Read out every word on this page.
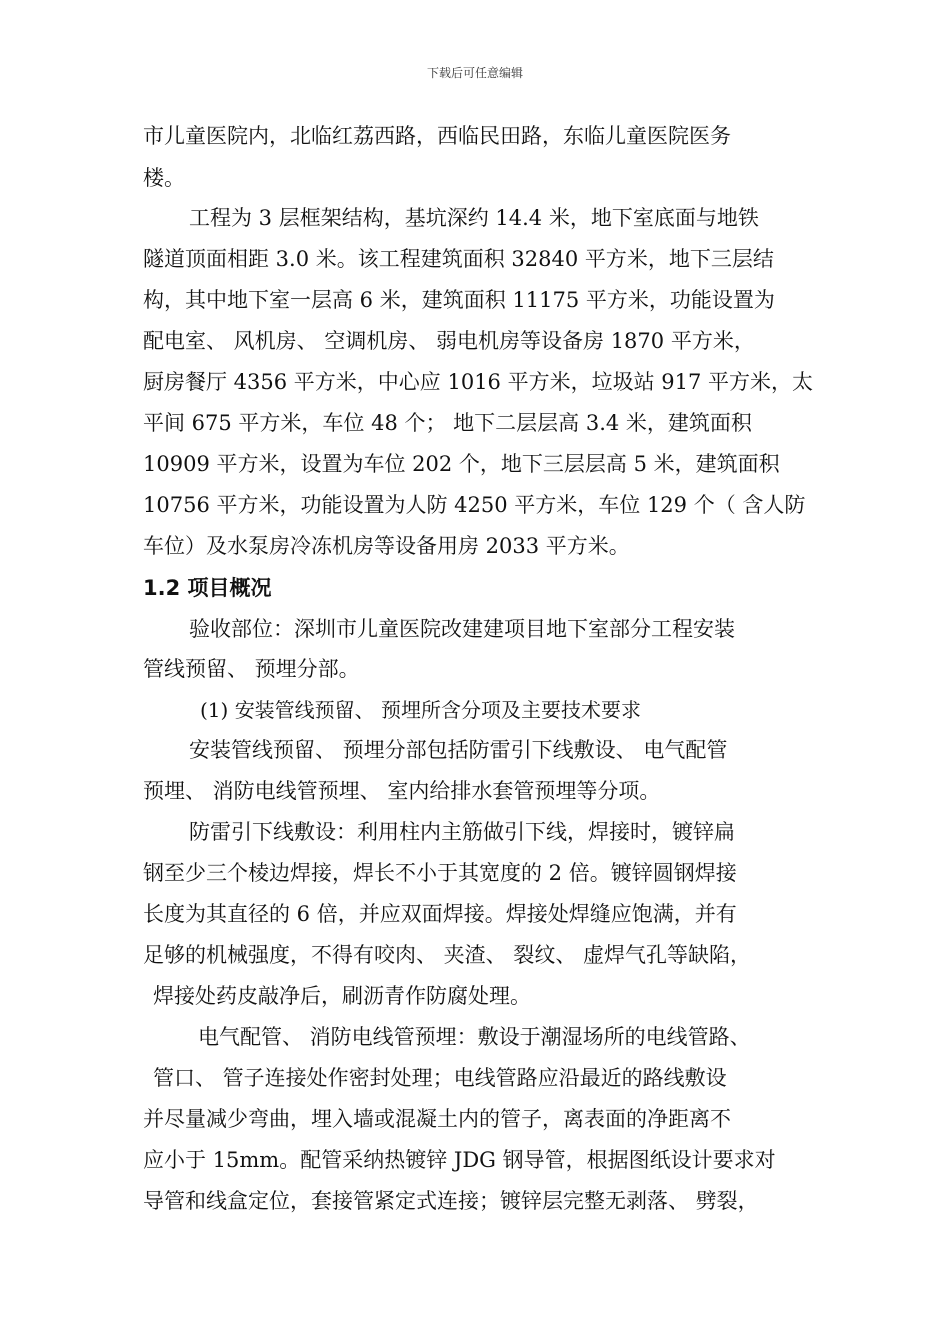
下载后可任意编辑
市儿童医院内，北临红荔西路，西临民田路，东临儿童医院医务
楼。
工程为 3 层框架结构，基坑深约 14.4 米，地下室底面与地铁
隧道顶面相距 3.0 米。该工程建筑面积 32840 平方米，地下三层结
构，其中地下室一层高 6 米，建筑面积 11175 平方米，功能设置为
配电室、 风机房、 空调机房、 弱电机房等设备房 1870 平方米，
厨房餐厅 4356 平方米，中心应 1016 平方米，垃圾站 917 平方米，太
平间 675 平方米，车位 48 个； 地下二层层高 3.4 米，建筑面积
10909 平方米，设置为车位 202 个，地下三层层高 5 米，建筑面积
10756 平方米，功能设置为人防 4250 平方米，车位 129 个（ 含人防
车位）及水泵房冷冻机房等设备用房 2033 平方米。
1.2 项目概况
验收部位：深圳市儿童医院改建建项目地下室部分工程安装
管线预留、 预埋分部。
(1) 安装管线预留、 预埋所含分项及主要技术要求
安装管线预留、 预埋分部包括防雷引下线敷设、 电气配管
预埋、 消防电线管预埋、 室内给排水套管预埋等分项。
防雷引下线敷设：利用柱内主筋做引下线，焊接时，镀锌扁
钢至少三个棱边焊接，焊长不小于其宽度的 2 倍。镀锌圆钢焊接
长度为其直径的 6 倍，并应双面焊接。焊接处焊缝应饱满，并有
足够的机械强度，不得有咬肉、 夹渣、 裂纹、 虚焊气孔等缺陷，
焊接处药皮敲净后，刷沥青作防腐处理。
电气配管、 消防电线管预埋：敷设于潮湿场所的电线管路、
管口、 管子连接处作密封处理；电线管路应沿最近的路线敷设
并尽量减少弯曲，埋入墙或混凝土内的管子，离表面的净距离不
应小于 15mm。配管采纳热镀锌 JDG 钢导管，根据图纸设计要求对
导管和线盒定位，套接管紧定式连接；镀锌层完整无剥落、 劈裂，
